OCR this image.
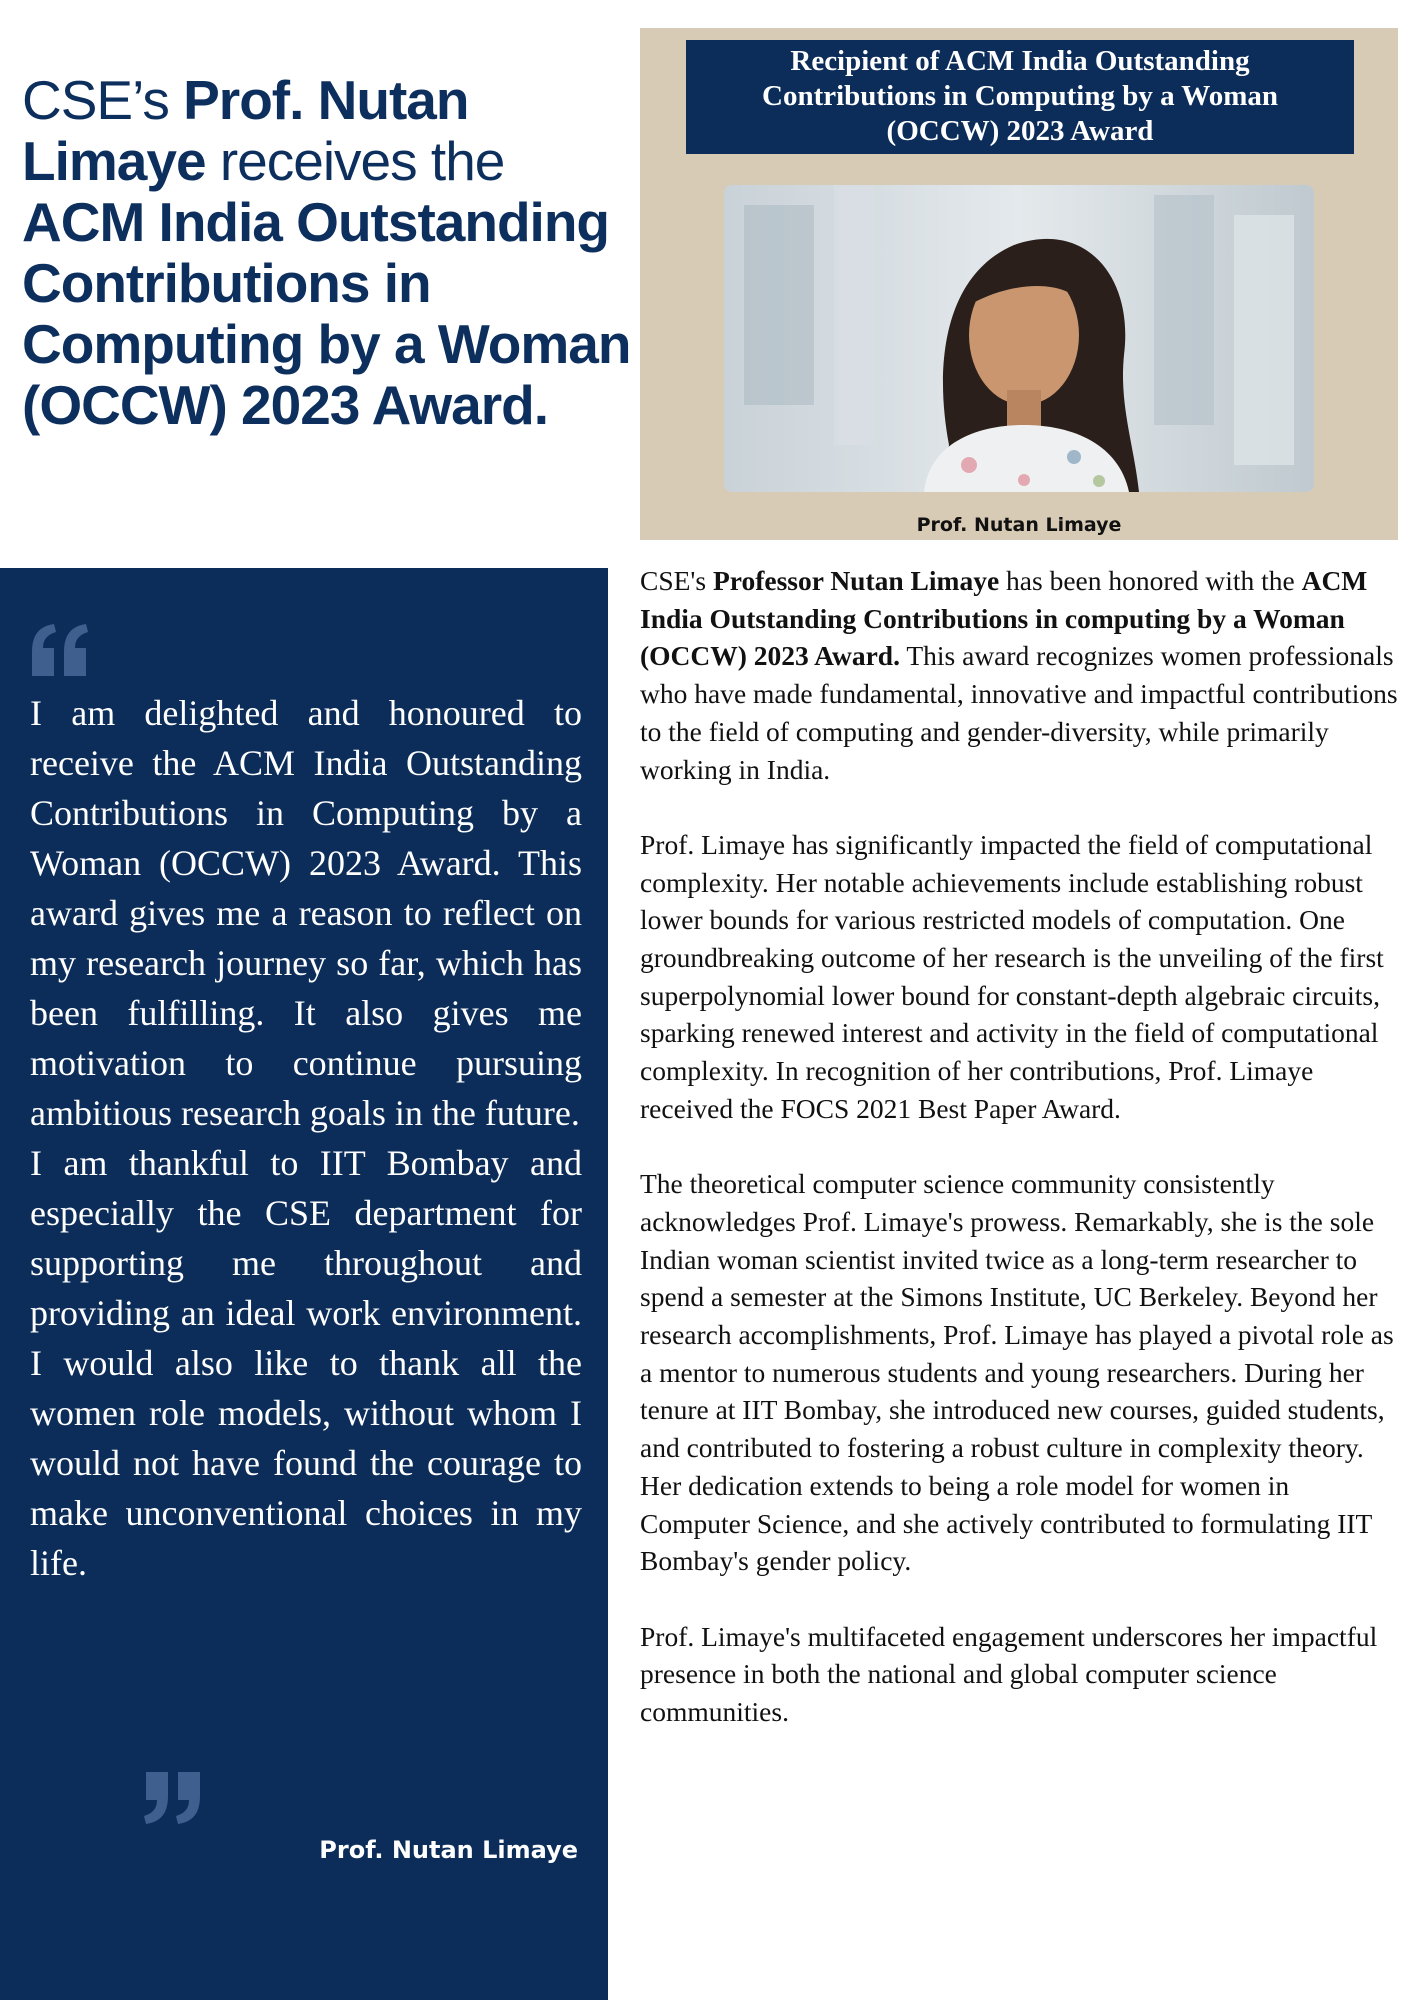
CSE’s Prof. Nutan Limaye receives the ACM India Outstanding Contributions in Computing by a Woman (OCCW) 2023 Award.
Recipient of ACM India Outstanding
Contributions in Computing by a Woman
(OCCW) 2023 Award
Prof. Nutan Limaye

I am delighted and honoured to receive the ACM India Outstanding Contributions in Computing by a Woman (OCCW) 2023 Award. This award gives me a reason to reflect on my research journey so far, which has been fulfilling. It also gives me motivation to continue pursuing ambitious research goals in the future.

I am thankful to IIT Bombay and especially the CSE department for supporting me throughout and providing an ideal work environment. I would also like to thank all the women role models, without whom I would not have found the courage to make unconventional choices in my life.

Prof. Nutan Limaye

CSE's Professor Nutan Limaye has been honored with the ACM India Outstanding Contributions in computing by a Woman (OCCW) 2023 Award. This award recognizes women professionals who have made fundamental, innovative and impactful contributions to the field of computing and gender-diversity, while primarily working in India.

Prof. Limaye has significantly impacted the field of computational complexity. Her notable achievements include establishing robust lower bounds for various restricted models of computation. One groundbreaking outcome of her research is the unveiling of the first superpolynomial lower bound for constant-depth algebraic circuits, sparking renewed interest and activity in the field of computational complexity. In recognition of her contributions, Prof. Limaye received the FOCS 2021 Best Paper Award.

The theoretical computer science community consistently acknowledges Prof. Limaye's prowess. Remarkably, she is the sole Indian woman scientist invited twice as a long-term researcher to spend a semester at the Simons Institute, UC Berkeley. Beyond her research accomplishments, Prof. Limaye has played a pivotal role as a mentor to numerous students and young researchers. During her tenure at IIT Bombay, she introduced new courses, guided students, and contributed to fostering a robust culture in complexity theory. Her dedication extends to being a role model for women in Computer Science, and she actively contributed to formulating IIT Bombay's gender policy.

Prof. Limaye's multifaceted engagement underscores her impactful presence in both the national and global computer science communities.
